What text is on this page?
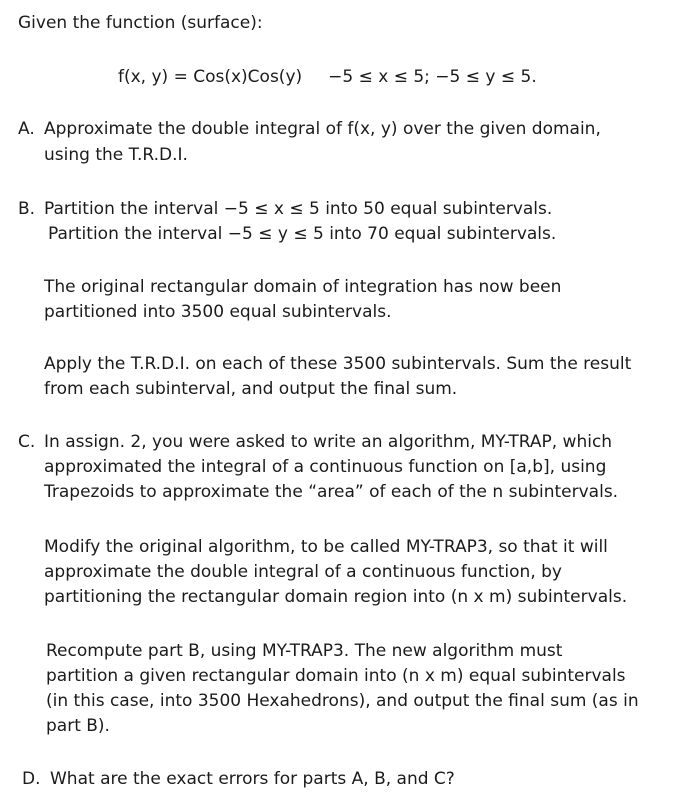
Given the function (surface):
f(x, y) = Cos(x)Cos(y) −5 ≤ x ≤ 5; −5 ≤ y ≤ 5.
A. Approximate the double integral of f(x, y) over the given domain,
using the T.R.D.I.
B. Partition the interval −5 ≤ x ≤ 5 into 50 equal subintervals.
Partition the interval −5 ≤ y ≤ 5 into 70 equal subintervals.
The original rectangular domain of integration has now been
partitioned into 3500 equal subintervals.
Apply the T.R.D.I. on each of these 3500 subintervals. Sum the result
from each subinterval, and output the final sum.
C. In assign. 2, you were asked to write an algorithm, MY-TRAP, which
approximated the integral of a continuous function on [a,b], using
Trapezoids to approximate the “area” of each of the n subintervals.
Modify the original algorithm, to be called MY-TRAP3, so that it will
approximate the double integral of a continuous function, by
partitioning the rectangular domain region into (n x m) subintervals.
Recompute part B, using MY-TRAP3. The new algorithm must
partition a given rectangular domain into (n x m) equal subintervals
(in this case, into 3500 Hexahedrons), and output the final sum (as in
part B).
D. What are the exact errors for parts A, B, and C?
